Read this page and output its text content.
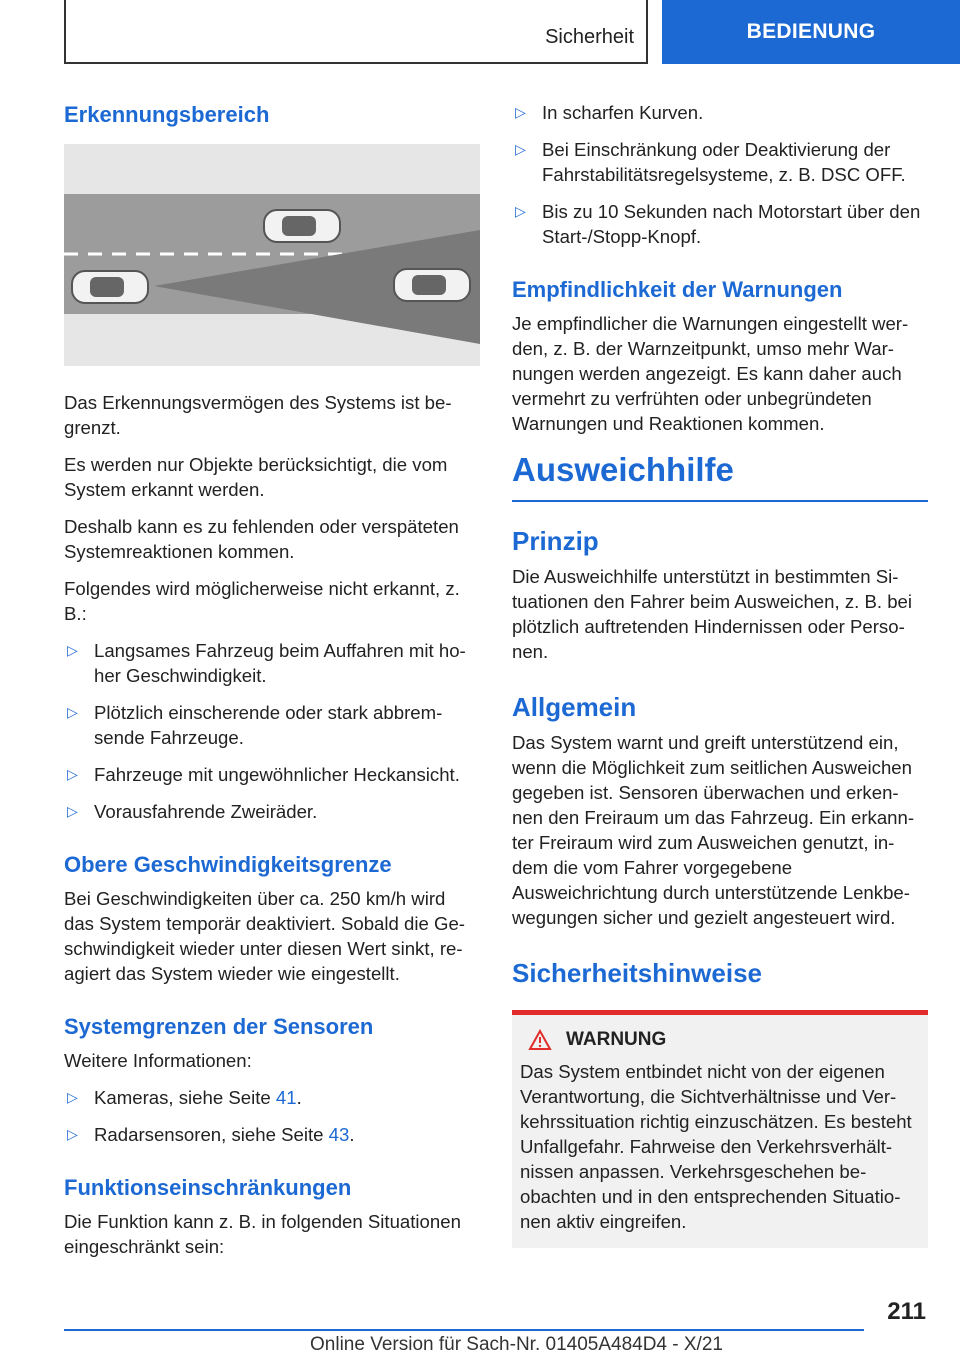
Sicherheit	BEDIENUNG
Erkennungsbereich

Das Erkennungsvermögen des Systems ist be-grenzt.

Es werden nur Objekte berücksichtigt, die vom System erkannt werden.

Deshalb kann es zu fehlenden oder verspäteten Systemreaktionen kommen.

Folgendes wird möglicherweise nicht erkannt, z. B.:

▷ Langsames Fahrzeug beim Auffahren mit ho-her Geschwindigkeit.
▷ Plötzlich einscherende oder stark abbrem-sende Fahrzeuge.
▷ Fahrzeuge mit ungewöhnlicher Heckansicht.
▷ Vorausfahrende Zweiräder.
Obere Geschwindigkeitsgrenze

Bei Geschwindigkeiten über ca. 250 km/h wird das System temporär deaktiviert. Sobald die Ge-schwindigkeit wieder unter diesen Wert sinkt, re-agiert das System wieder wie eingestellt.

Systemgrenzen der Sensoren

Weitere Informationen:

▷ Kameras, siehe Seite 41.
▷ Radarsensoren, siehe Seite 43.
Funktionseinschränkungen

Die Funktion kann z. B. in folgenden Situationen eingeschränkt sein:

▷ In scharfen Kurven.
▷ Bei Einschränkung oder Deaktivierung der Fahrstabilitätsregelsysteme, z. B. DSC OFF.
▷ Bis zu 10 Sekunden nach Motorstart über den Start-/Stopp-Knopf.
Empfindlichkeit der Warnungen

Je empfindlicher die Warnungen eingestellt wer-den, z. B. der Warnzeitpunkt, umso mehr War-nungen werden angezeigt. Es kann daher auch vermehrt zu verfrühten oder unbegründeten Warnungen und Reaktionen kommen.

Ausweichhilfe
Prinzip

Die Ausweichhilfe unterstützt in bestimmten Si-tuationen den Fahrer beim Ausweichen, z. B. bei plötzlich auftretenden Hindernissen oder Perso-nen.

Allgemein

Das System warnt und greift unterstützend ein, wenn die Möglichkeit zum seitlichen Ausweichen gegeben ist. Sensoren überwachen und erken-nen den Freiraum um das Fahrzeug. Ein erkann-ter Freiraum wird zum Ausweichen genutzt, in-dem die vom Fahrer vorgegebene Ausweichrichtung durch unterstützende Lenkbe-wegungen sicher und gezielt angesteuert wird.

Sicherheitshinweise
WARNUNG

Das System entbindet nicht von der eigenen Verantwortung, die Sichtverhältnisse und Ver-kehrssituation richtig einzuschätzen. Es besteht Unfallgefahr. Fahrweise den Verkehrsverhält-nissen anpassen. Verkehrsgeschehen be-obachten und in den entsprechenden Situatio-nen aktiv eingreifen.

211
Online Version für Sach-Nr. 01405A484D4 - X/21
